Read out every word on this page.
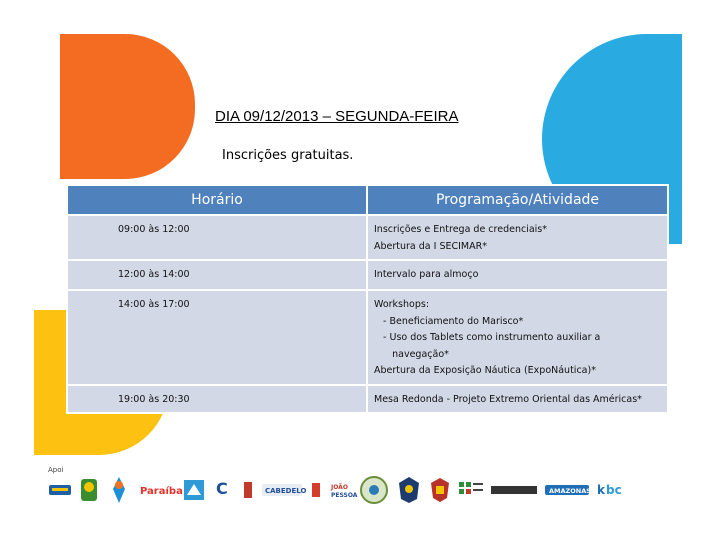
DIA 09/12/2013 – SEGUNDA-FEIRA
Inscrições gratuitas.
Horário	Programação/Atividade
09:00 às 12:00	Inscrições e Entrega de credenciais*
Abertura da I SECIMAR*

12:00 às 14:00	Intervalo para almoço

14:00 às 17:00	Workshops:
- Beneficiamento do Marisco*
- Uso dos Tablets como instrumento auxiliar a
navegação*
Abertura da Exposição Náutica (ExpoNáutica)*

19:00 às 20:30	Mesa Redonda - Projeto Extremo Oriental das Américas*
Apoi
Paraíba C	CABEDELO	JOÃO
PESSOA
AMAZONAS k bc
